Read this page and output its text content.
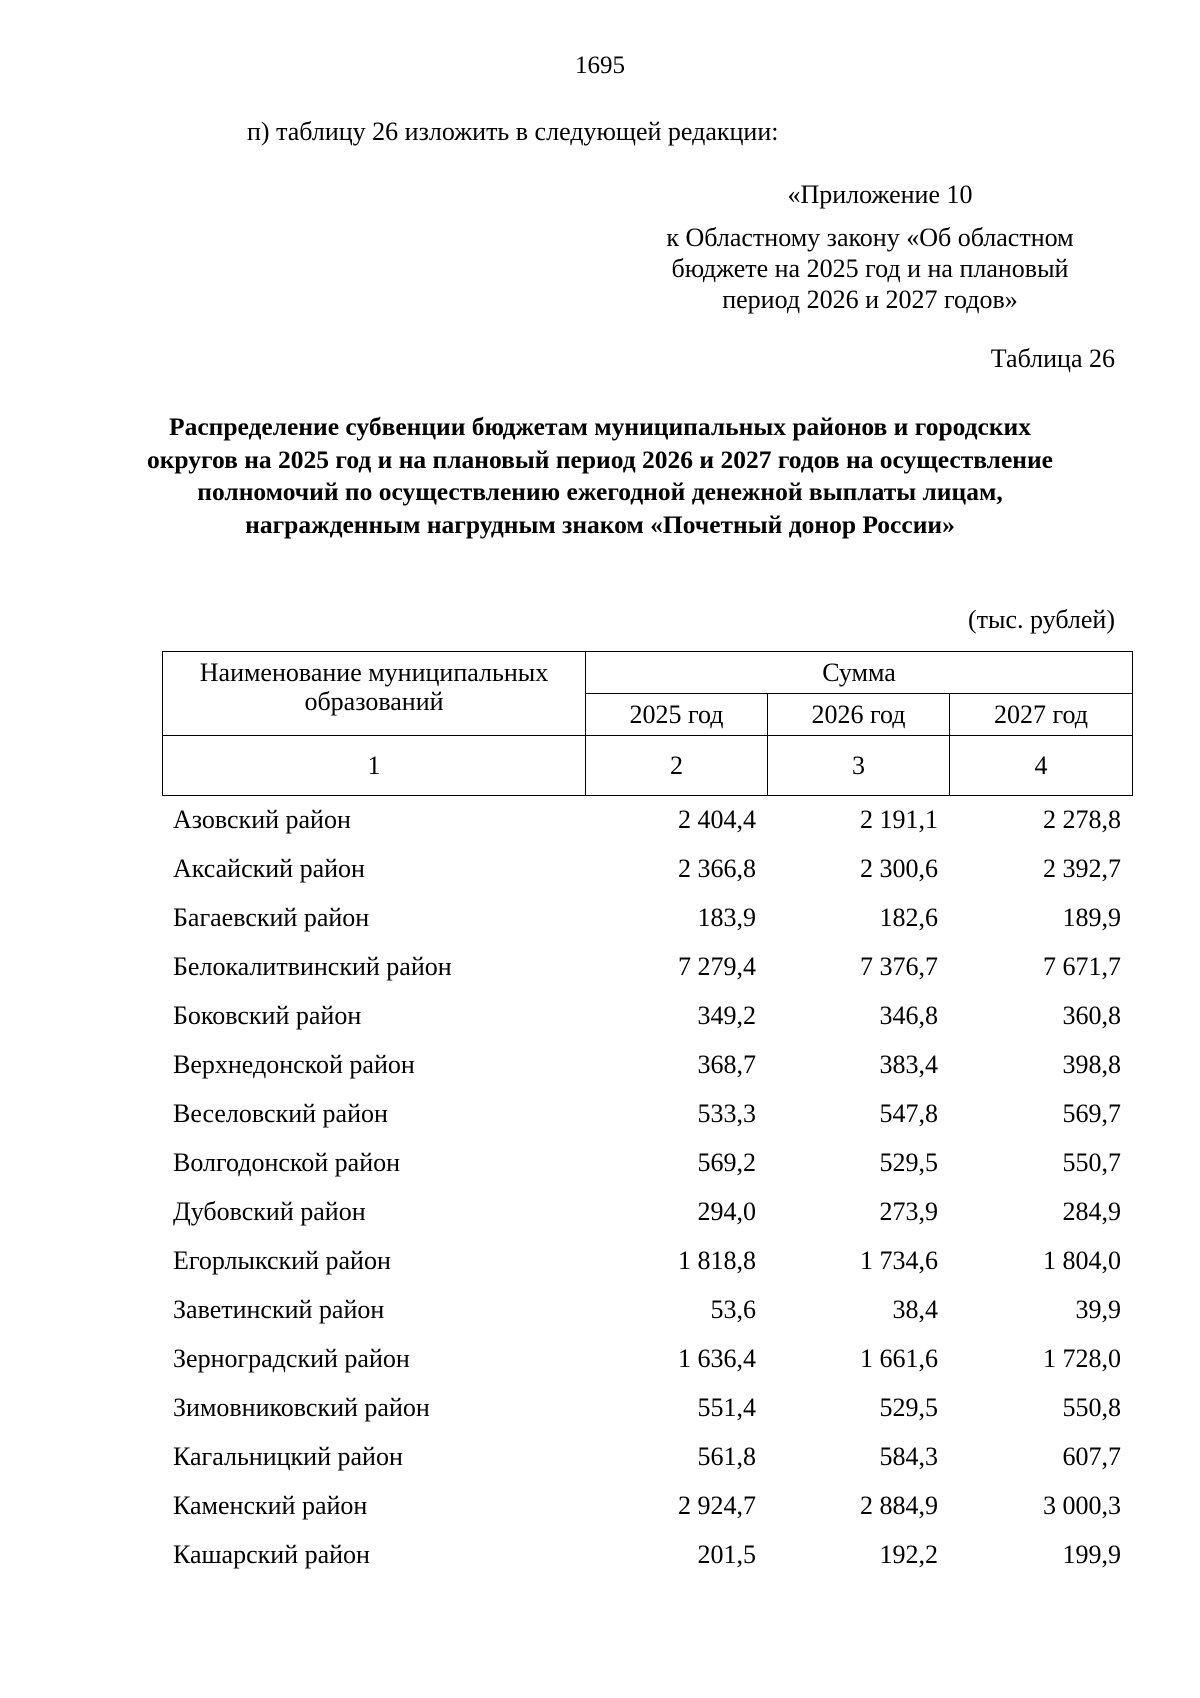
1695
п) таблицу 26 изложить в следующей редакции:
«Приложение 10
к Областному закону «Об областном бюджете на 2025 год и на плановый период 2026 и 2027 годов»
Таблица 26
Распределение субвенции бюджетам муниципальных районов и городских округов на 2025 год и на плановый период 2026 и 2027 годов на осуществление полномочий по осуществлению ежегодной денежной выплаты лицам, награжденным нагрудным знаком «Почетный донор России»
(тыс. рублей)
Наименование муниципальных образований	Сумма		
	2025 год	2026 год	2027 год
1	2	3	4
Азовский район	2 404,4	2 191,1	2 278,8
Аксайский район	2 366,8	2 300,6	2 392,7
Багаевский район	183,9	182,6	189,9
Белокалитвинский район	7 279,4	7 376,7	7 671,7
Боковский район	349,2	346,8	360,8
Верхнедонской район	368,7	383,4	398,8
Веселовский район	533,3	547,8	569,7
Волгодонской район	569,2	529,5	550,7
Дубовский район	294,0	273,9	284,9
Егорлыкский район	1 818,8	1 734,6	1 804,0
Заветинский район	53,6	38,4	39,9
Зерноградский район	1 636,4	1 661,6	1 728,0
Зимовниковский район	551,4	529,5	550,8
Кагальницкий район	561,8	584,3	607,7
Каменский район	2 924,7	2 884,9	3 000,3
Кашарский район	201,5	192,2	199,9
